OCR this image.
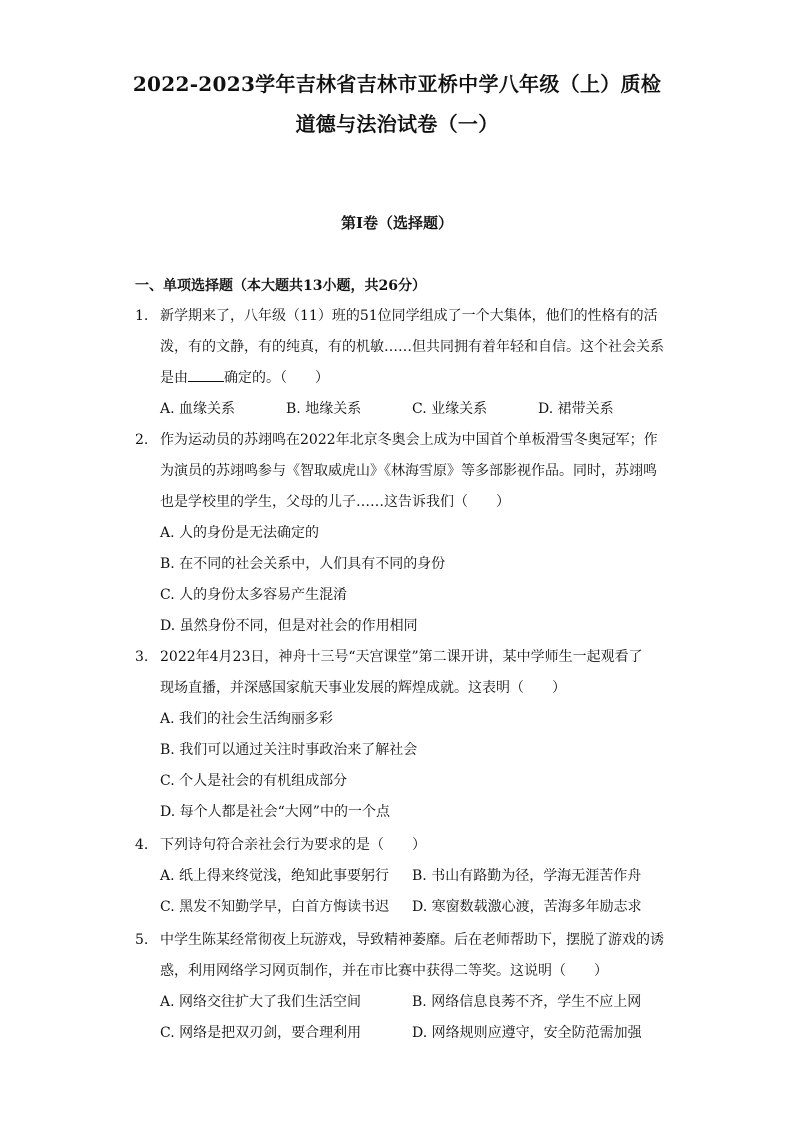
2022-2023学年吉林省吉林市亚桥中学八年级（上）质检
道德与法治试卷（一）
第I卷（选择题）
一、单项选择题（本大题共13小题，共26分）
1. 新学期来了，八年级（11）班的51位同学组成了一个大集体，他们的性格有的活
泼，有的文静，有的纯真，有的机敏……但共同拥有着年轻和自信。这个社会关系
是由	确定的。（　　）
A. 血缘关系	B. 地缘关系	C. 业缘关系	D. 裙带关系
2. 作为运动员的苏翊鸣在2022年北京冬奥会上成为中国首个单板滑雪冬奥冠军；作
为演员的苏翊鸣参与《智取威虎山》《林海雪原》等多部影视作品。同时，苏翊鸣
也是学校里的学生，父母的儿子……这告诉我们（　　）
A. 人的身份是无法确定的
B. 在不同的社会关系中，人们具有不同的身份
C. 人的身份太多容易产生混淆
D. 虽然身份不同，但是对社会的作用相同
3. 2022年4月23日，神舟十三号“天宫课堂”第二课开讲，某中学师生一起观看了
现场直播，并深感国家航天事业发展的辉煌成就。这表明（　　）
A. 我们的社会生活绚丽多彩
B. 我们可以通过关注时事政治来了解社会
C. 个人是社会的有机组成部分
D. 每个人都是社会“大网”中的一个点
4. 下列诗句符合亲社会行为要求的是（　　）
A. 纸上得来终觉浅，绝知此事要躬行 B. 书山有路勤为径，学海无涯苦作舟
C. 黑发不知勤学早，白首方悔读书迟 D. 寒窗数载激心渡，苦海多年励志求
5. 中学生陈某经常彻夜上玩游戏，导致精神萎靡。后在老师帮助下，摆脱了游戏的诱
惑，利用网络学习网页制作，并在市比赛中获得二等奖。这说明（　　）
A. 网络交往扩大了我们生活空间	B. 网络信息良莠不齐，学生不应上网
C. 网络是把双刃剑，要合理利用	D. 网络规则应遵守，安全防范需加强
